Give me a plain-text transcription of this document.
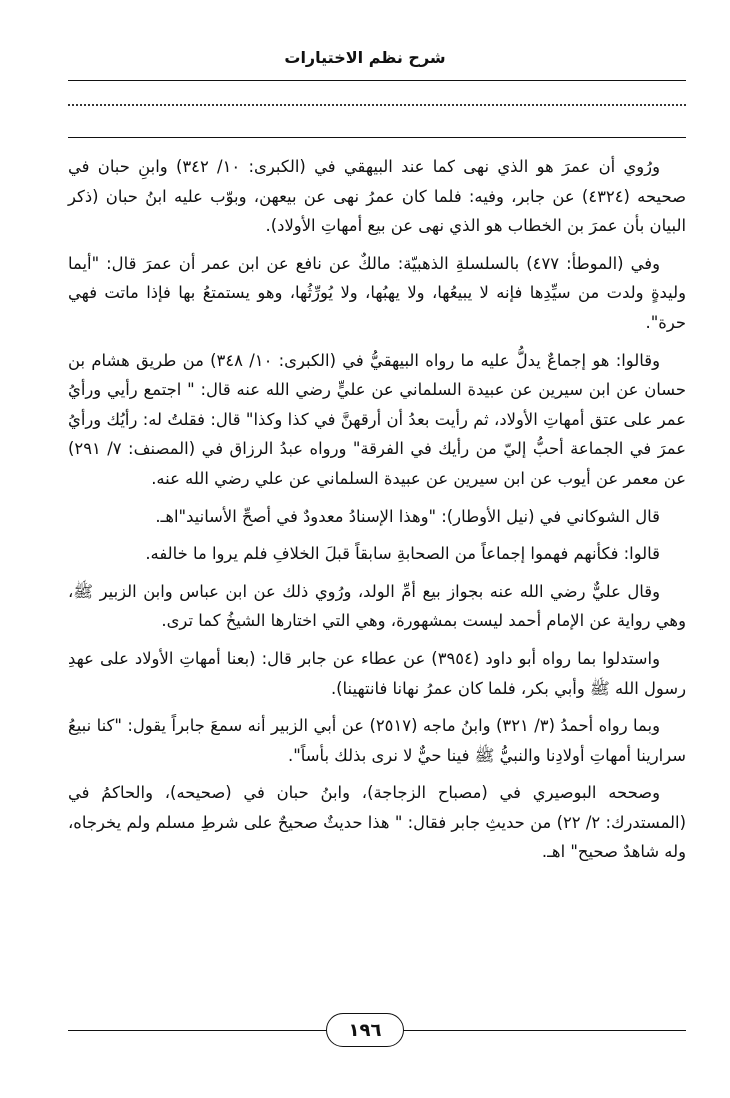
شرح نظم الاختيارات

ورُوي أن عمرَ هو الذي نهى كما عند البيهقي في (الكبرى: ١٠/ ٣٤٢) وابنِ حبان في صحيحه (٤٣٢٤) عن جابر، وفيه: فلما كان عمرُ نهى عن بيعهن، وبوّب عليه ابنُ حبان (ذكر البيان بأن عمرَ بن الخطاب هو الذي نهى عن بيع أمهاتِ الأولاد).

وفي (الموطأ: ٤٧٧) بالسلسلةِ الذهبيّة: مالكٌ عن نافع عن ابن عمر أن عمرَ قال: "أيما وليدةٍ ولدت من سيِّدِها فإنه لا يبيعُها، ولا يهبُها، ولا يُورِّثُها، وهو يستمتعُ بها فإذا ماتت فهي حرة".

وقالوا: هو إجماعٌ يدلُّ عليه ما رواه البيهقيُّ في (الكبرى: ١٠/ ٣٤٨) من طريق هشام بن حسان عن ابن سيرين عن عبيدة السلماني عن عليٍّ رضي الله عنه قال: " اجتمع رأيي ورأيُ عمر على عتق أمهاتِ الأولاد، ثم رأيت بعدُ أن أرقهنَّ في كذا وكذا" قال: فقلتُ له: رأيُك ورأيُ عمرَ في الجماعة أحبُّ إليّ من رأيك في الفرقة" ورواه عبدُ الرزاق في (المصنف: ٧/ ٢٩١) عن معمر عن أيوب عن ابن سيرين عن عبيدة السلماني عن علي رضي الله عنه.

قال الشوكاني في (نيل الأوطار): "وهذا الإسنادُ معدودٌ في أصحِّ الأسانيد"اهـ.

قالوا: فكأنهم فهموا إجماعاً من الصحابةِ سابقاً قبلَ الخلافِ فلم يروا ما خالفه.

وقال عليٌّ رضي الله عنه بجواز بيع أمِّ الولد، ورُوي ذلك عن ابن عباس وابن الزبير ﷺ، وهي رواية عن الإمام أحمد ليست بمشهورة، وهي التي اختارها الشيخُ كما ترى.

واستدلوا بما رواه أبو داود (٣٩٥٤) عن عطاء عن جابر قال: (بعنا أمهاتِ الأولاد على عهدِ رسول الله ﷺ وأبي بكر، فلما كان عمرُ نهانا فانتهينا).

وبما رواه أحمدُ (٣/ ٣٢١) وابنُ ماجه (٢٥١٧) عن أبي الزبير أنه سمعَ جابراً يقول: "كنا نبيعُ سرارينا أمهاتِ أولادِنا والنبيُّ ﷺ فينا حيٌّ لا نرى بذلك بأساً".

وصححه البوصيري في (مصباح الزجاجة)، وابنُ حبان في (صحيحه)، والحاكمُ في (المستدرك: ٢/ ٢٢) من حديثِ جابر فقال: " هذا حديثٌ صحيحٌ على شرطِ مسلم ولم يخرجاه، وله شاهدٌ صحيح" اهـ.

١٩٦
